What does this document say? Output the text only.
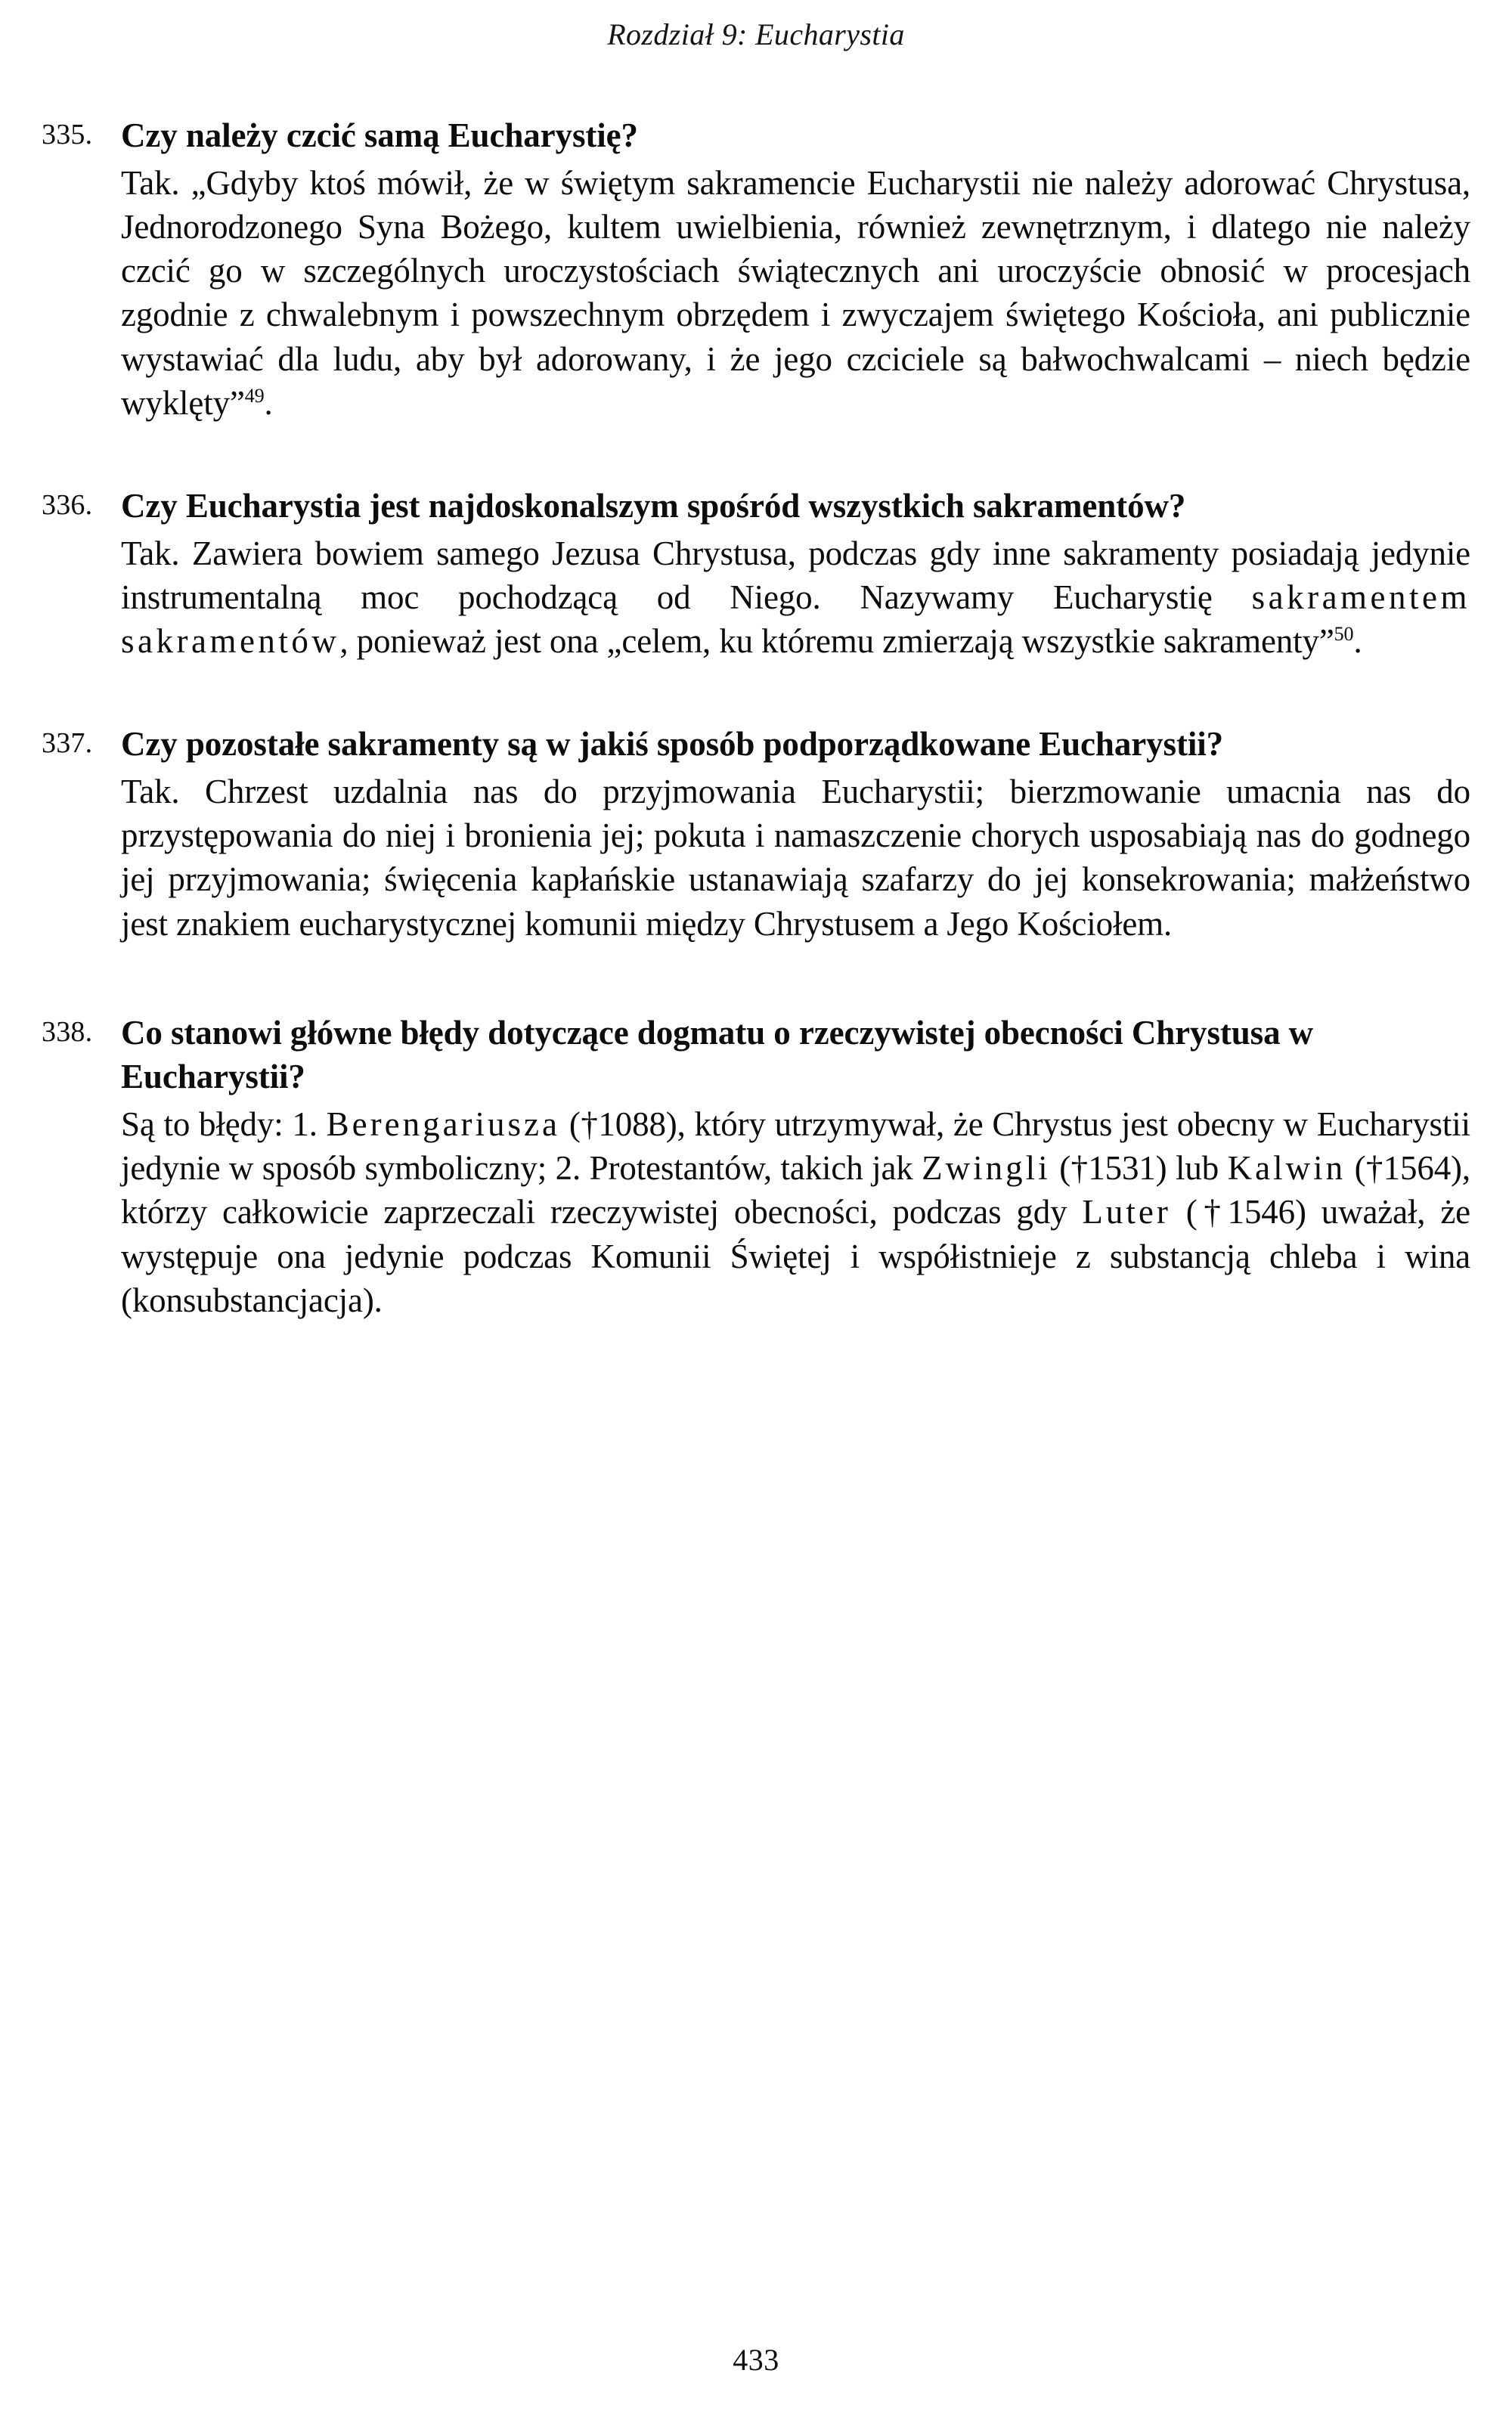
Rozdział 9: Eucharystia
335. Czy należy czcić samą Eucharystię?
Tak. „Gdyby ktoś mówił, że w świętym sakramencie Eucharystii nie należy adorować Chrystusa, Jednorodzonego Syna Bożego, kultem uwielbienia, również zewnętrznym, i dlatego nie należy czcić go w szczególnych uroczystościach świątecznych ani uroczyście obnosić w procesjach zgodnie z chwalebnym i powszechnym obrzędem i zwyczajem świętego Kościoła, ani publicznie wystawiać dla ludu, aby był adorowany, i że jego czciciele są bałwochwalcami – niech będzie wyklęty”$^{49}$.
336. Czy Eucharystia jest najdoskonalszym spośród wszystkich sakramentów?
Tak. Zawiera bowiem samego Jezusa Chrystusa, podczas gdy inne sakramenty posiadają jedynie instrumentalną moc pochodzącą od Niego. Nazywamy Eucharystię sakramentem sakramentów, ponieważ jest ona „celem, ku któremu zmierzają wszystkie sakramenty”$^{50}$.
337. Czy pozostałe sakramenty są w jakiś sposób podporządkowane Eucharystii?
Tak. Chrzest uzdalnia nas do przyjmowania Eucharystii; bierzmowanie umacnia nas do przystępowania do niej i bronienia jej; pokuta i namaszczenie chorych usposabiają nas do godnego jej przyjmowania; święcenia kapłańskie ustanawiają szafarzy do jej konsekrowania; małżeństwo jest znakiem eucharystycznej komunii między Chrystusem a Jego Kościołem.
338. Co stanowi główne błędy dotyczące dogmatu o rzeczywistej obecności Chrystusa w Eucharystii?
Są to błędy: 1. Berengariusza (†1088), który utrzymywał, że Chrystus jest obecny w Eucharystii jedynie w sposób symboliczny; 2. Protestantów, takich jak Zwingli (†1531) lub Kalwin (†1564), którzy całkowicie zaprzeczali rzeczywistej obecności, podczas gdy Luter (†1546) uważał, że występuje ona jedynie podczas Komunii Świętej i współistnieje z substancją chleba i wina (konsubstancjacja).
433
